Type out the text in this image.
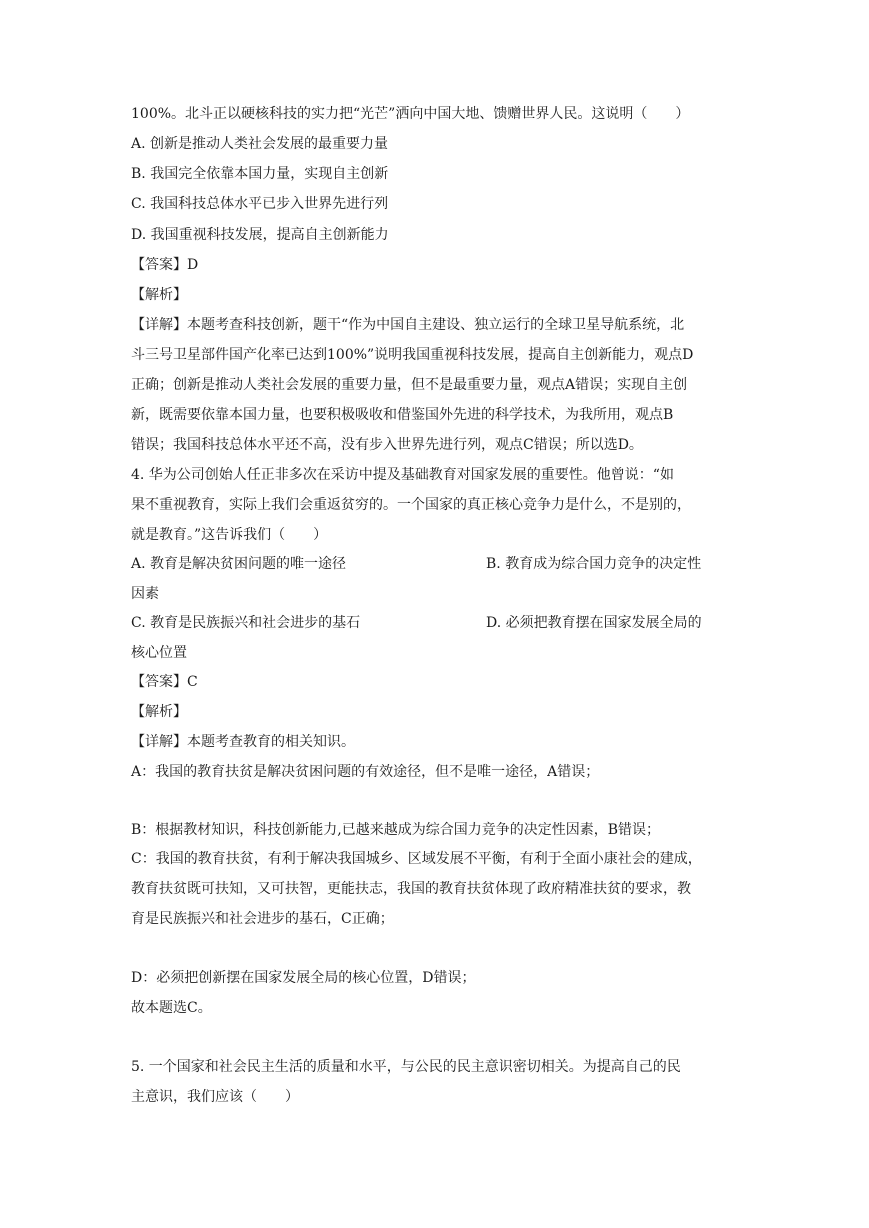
100%。北斗正以硬核科技的实力把“光芒”洒向中国大地、馈赠世界人民。这说明（　　）
A. 创新是推动人类社会发展的最重要力量
B. 我国完全依靠本国力量，实现自主创新
C. 我国科技总体水平已步入世界先进行列
D. 我国重视科技发展，提高自主创新能力
【答案】D
【解析】
【详解】本题考查科技创新，题干“作为中国自主建设、独立运行的全球卫星导航系统，北
斗三号卫星部件国产化率已达到100%”说明我国重视科技发展，提高自主创新能力，观点D
正确；创新是推动人类社会发展的重要力量，但不是最重要力量，观点A错误；实现自主创
新，既需要依靠本国力量，也要积极吸收和借鉴国外先进的科学技术，为我所用，观点B
错误；我国科技总体水平还不高，没有步入世界先进行列，观点C错误；所以选D。
4. 华为公司创始人任正非多次在采访中提及基础教育对国家发展的重要性。他曾说：“如
果不重视教育，实际上我们会重返贫穷的。一个国家的真正核心竞争力是什么，不是别的，
就是教育。”这告诉我们（　　）
A. 教育是解决贫困问题的唯一途径	B. 教育成为综合国力竞争的决定性
因素
C. 教育是民族振兴和社会进步的基石	D. 必须把教育摆在国家发展全局的
核心位置
【答案】C
【解析】
【详解】本题考查教育的相关知识。
A：我国的教育扶贫是解决贫困问题的有效途径，但不是唯一途径，A错误；
B：根据教材知识，科技创新能力,已越来越成为综合国力竞争的决定性因素，B错误；
C：我国的教育扶贫，有利于解决我国城乡、区域发展不平衡，有利于全面小康社会的建成，
教育扶贫既可扶知，又可扶智，更能扶志，我国的教育扶贫体现了政府精准扶贫的要求，教
育是民族振兴和社会进步的基石，C正确；
D：必须把创新摆在国家发展全局的核心位置，D错误；
故本题选C。
5. 一个国家和社会民主生活的质量和水平，与公民的民主意识密切相关。为提高自己的民
主意识，我们应该（　　）
